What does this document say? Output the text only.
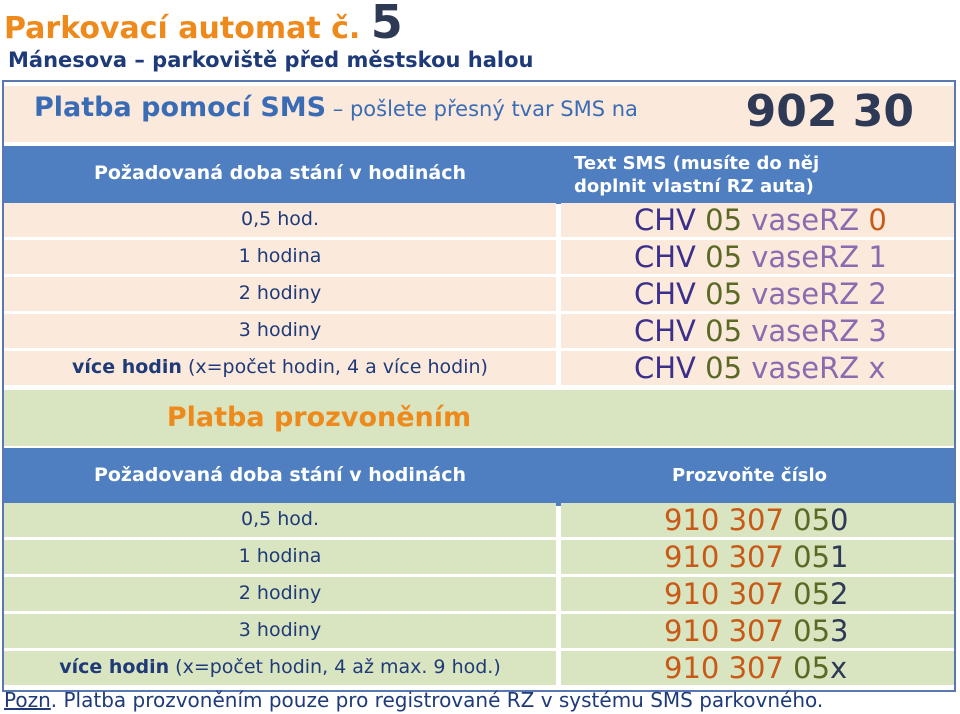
Parkovací automat č. 5
Mánesova – parkoviště před městskou halou
Platba pomocí SMS – pošlete přesný tvar SMS na 902 30
Požadovaná doba stání v hodinách	Text SMS (musíte do něj
doplnit vlastní RZ auta)
0,5 hod.	CHV 05 vaseRZ 0
1 hodina	CHV 05 vaseRZ 1
2 hodiny	CHV 05 vaseRZ 2
3 hodiny	CHV 05 vaseRZ 3
více hodin (x=počet hodin, 4 a více hodin)	CHV 05 vaseRZ x
Platba prozvoněním
Požadovaná doba stání v hodinách	Prozvoňte číslo
0,5 hod.	910 307 050
1 hodina	910 307 051
2 hodiny	910 307 052
3 hodiny	910 307 053
více hodin (x=počet hodin, 4 až max. 9 hod.)	910 307 05x
Pozn. Platba prozvoněním pouze pro registrované RZ v systému SMS parkovného.
